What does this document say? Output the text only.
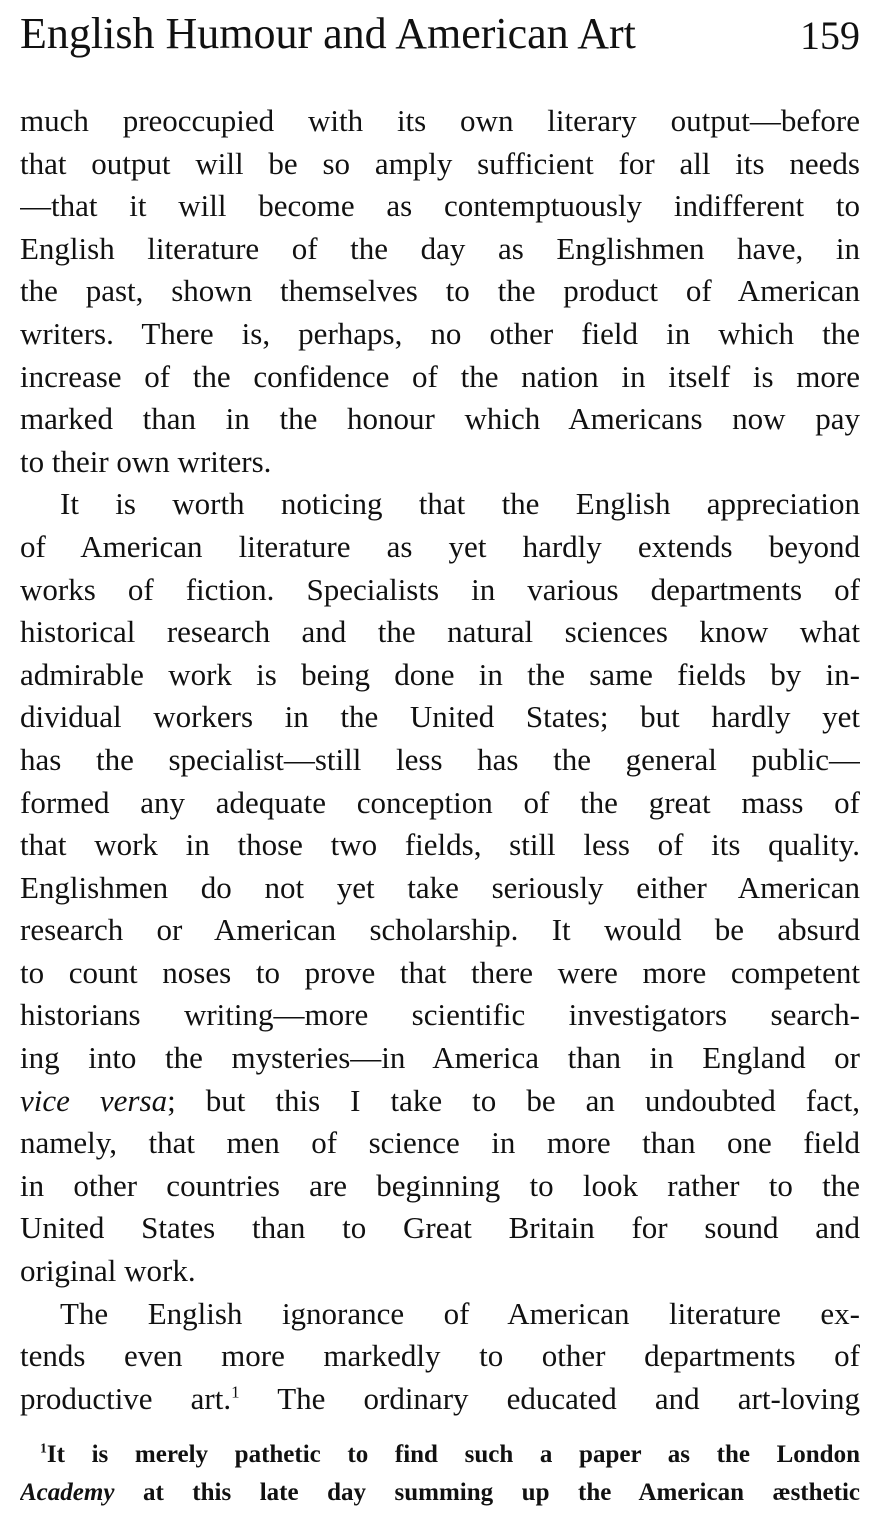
English Humour and American Art	159
much preoccupied with its own literary output—before
that output will be so amply sufficient for all its needs
—that it will become as contemptuously indifferent to
English literature of the day as Englishmen have, in
the past, shown themselves to the product of American
writers. There is, perhaps, no other field in which the
increase of the confidence of the nation in itself is more
marked than in the honour which Americans now pay
to their own writers.
It is worth noticing that the English appreciation
of American literature as yet hardly extends beyond
works of fiction. Specialists in various departments of
historical research and the natural sciences know what
admirable work is being done in the same fields by in-
dividual workers in the United States; but hardly yet
has the specialist—still less has the general public—
formed any adequate conception of the great mass of
that work in those two fields, still less of its quality.
Englishmen do not yet take seriously either American
research or American scholarship. It would be absurd
to count noses to prove that there were more competent
historians writing—more scientific investigators search-
ing into the mysteries—in America than in England or
vice versa; but this I take to be an undoubted fact,
namely, that men of science in more than one field
in other countries are beginning to look rather to the
United States than to Great Britain for sound and
original work.
The English ignorance of American literature ex-
tends even more markedly to other departments of
productive art.$^1$ The ordinary educated and art-loving
$^1$It is merely pathetic to find such a paper as the London
Academy at this late day summing up the American æsthetic
